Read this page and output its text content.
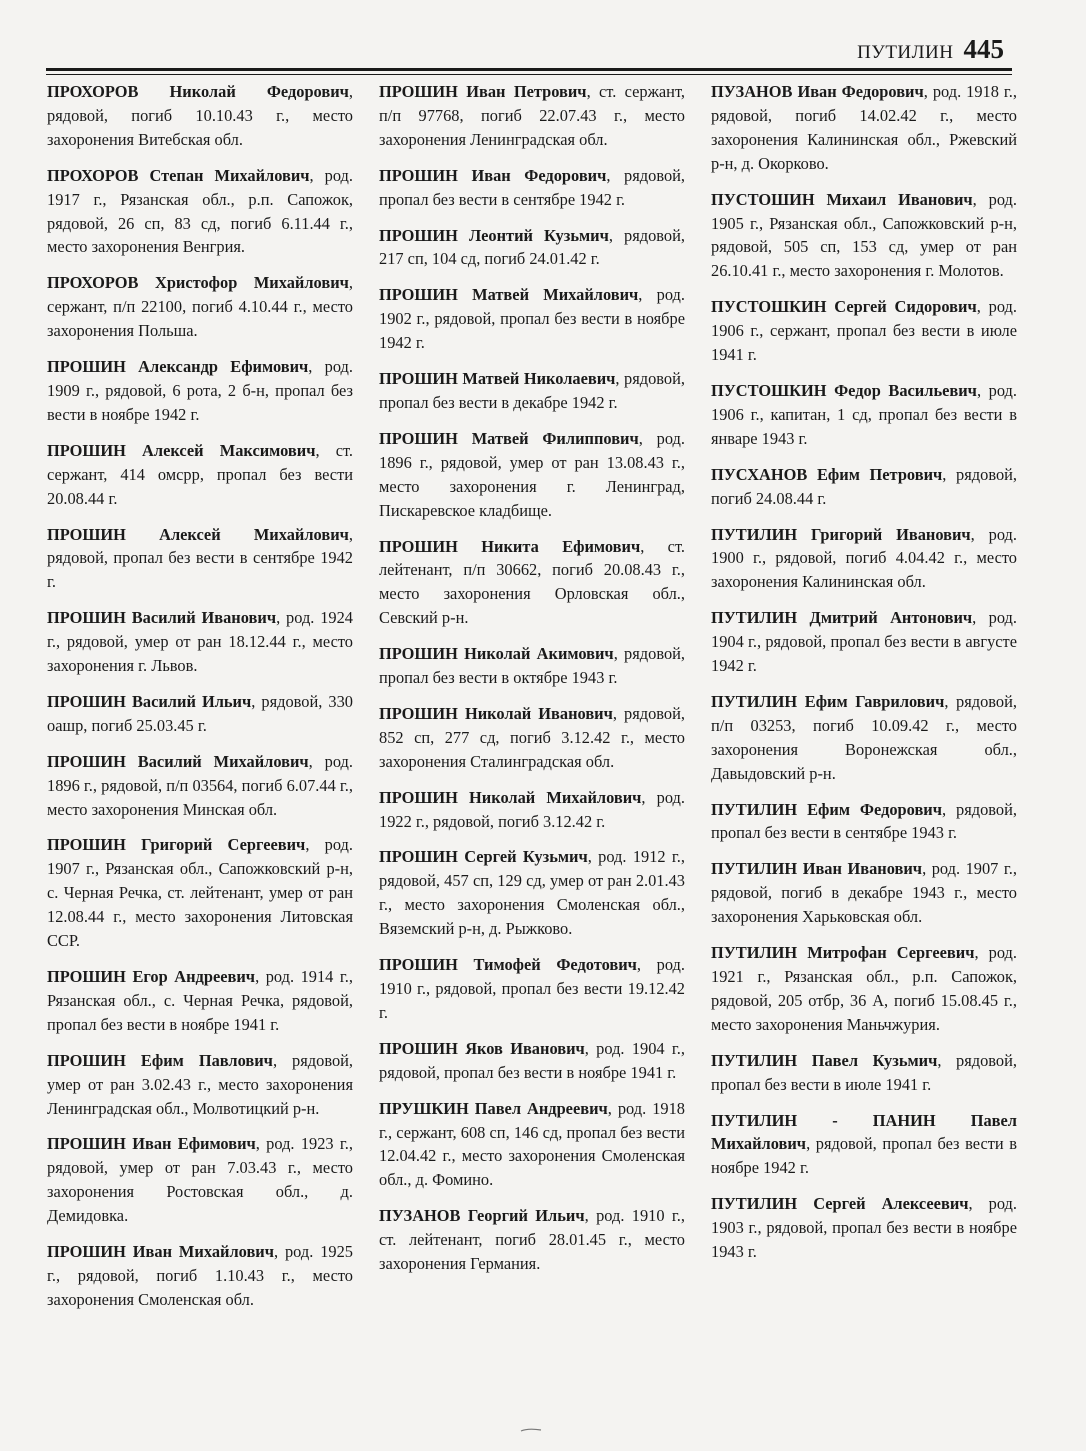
ПУТИЛИН 445

ПРОХОРОВ Николай Федорович, рядовой, погиб 10.10.43 г., место захоронения Витебская обл.

ПРОХОРОВ Степан Михайлович, род. 1917 г., Рязанская обл., р.п. Сапожок, рядовой, 26 сп, 83 сд, погиб 6.11.44 г., место захоронения Венгрия.

ПРОХОРОВ Христофор Михайлович, сержант, п/п 22100, погиб 4.10.44 г., место захоронения Польша.

ПРОШИН Александр Ефимович, род. 1909 г., рядовой, 6 рота, 2 б-н, пропал без вести в ноябре 1942 г.

ПРОШИН Алексей Максимович, ст. сержант, 414 омсрр, пропал без вести 20.08.44 г.

ПРОШИН Алексей Михайлович, рядовой, пропал без вести в сентябре 1942 г.

ПРОШИН Василий Иванович, род. 1924 г., рядовой, умер от ран 18.12.44 г., место захоронения г. Львов.

ПРОШИН Василий Ильич, рядовой, 330 оашр, погиб 25.03.45 г.

ПРОШИН Василий Михайлович, род. 1896 г., рядовой, п/п 03564, погиб 6.07.44 г., место захоронения Минская обл.

ПРОШИН Григорий Сергеевич, род. 1907 г., Рязанская обл., Сапожковский р-н, с. Черная Речка, ст. лейтенант, умер от ран 12.08.44 г., место захоронения Литовская ССР.

ПРОШИН Егор Андреевич, род. 1914 г., Рязанская обл., с. Черная Речка, рядовой, пропал без вести в ноябре 1941 г.

ПРОШИН Ефим Павлович, рядовой, умер от ран 3.02.43 г., место захоронения Ленинградская обл., Молвотицкий р-н.

ПРОШИН Иван Ефимович, род. 1923 г., рядовой, умер от ран 7.03.43 г., место захоронения Ростовская обл., д. Демидовка.

ПРОШИН Иван Михайлович, род. 1925 г., рядовой, погиб 1.10.43 г., место захоронения Смоленская обл.

ПРОШИН Иван Петрович, ст. сержант, п/п 97768, погиб 22.07.43 г., место захоронения Ленинградская обл.

ПРОШИН Иван Федорович, рядовой, пропал без вести в сентябре 1942 г.

ПРОШИН Леонтий Кузьмич, рядовой, 217 сп, 104 сд, погиб 24.01.42 г.

ПРОШИН Матвей Михайлович, род. 1902 г., рядовой, пропал без вести в ноябре 1942 г.

ПРОШИН Матвей Николаевич, рядовой, пропал без вести в декабре 1942 г.

ПРОШИН Матвей Филиппович, род. 1896 г., рядовой, умер от ран 13.08.43 г., место захоронения г. Ленинград, Пискаревское кладбище.

ПРОШИН Никита Ефимович, ст. лейтенант, п/п 30662, погиб 20.08.43 г., место захоронения Орловская обл., Севский р-н.

ПРОШИН Николай Акимович, рядовой, пропал без вести в октябре 1943 г.

ПРОШИН Николай Иванович, рядовой, 852 сп, 277 сд, погиб 3.12.42 г., место захоронения Сталинградская обл.

ПРОШИН Николай Михайлович, род. 1922 г., рядовой, погиб 3.12.42 г.

ПРОШИН Сергей Кузьмич, род. 1912 г., рядовой, 457 сп, 129 сд, умер от ран 2.01.43 г., место захоронения Смоленская обл., Вяземский р-н, д. Рыжково.

ПРОШИН Тимофей Федотович, род. 1910 г., рядовой, пропал без вести 19.12.42 г.

ПРОШИН Яков Иванович, род. 1904 г., рядовой, пропал без вести в ноябре 1941 г.

ПРУШКИН Павел Андреевич, род. 1918 г., сержант, 608 сп, 146 сд, пропал без вести 12.04.42 г., место захоронения Смоленская обл., д. Фомино.

ПУЗАНОВ Георгий Ильич, род. 1910 г., ст. лейтенант, погиб 28.01.45 г., место захоронения Германия.

ПУЗАНОВ Иван Федорович, род. 1918 г., рядовой, погиб 14.02.42 г., место захоронения Калининская обл., Ржевский р-н, д. Окорково.

ПУСТОШИН Михаил Иванович, род. 1905 г., Рязанская обл., Сапожковский р-н, рядовой, 505 сп, 153 сд, умер от ран 26.10.41 г., место захоронения г. Молотов.

ПУСТОШКИН Сергей Сидорович, род. 1906 г., сержант, пропал без вести в июле 1941 г.

ПУСТОШКИН Федор Васильевич, род. 1906 г., капитан, 1 сд, пропал без вести в январе 1943 г.

ПУСХАНОВ Ефим Петрович, рядовой, погиб 24.08.44 г.

ПУТИЛИН Григорий Иванович, род. 1900 г., рядовой, погиб 4.04.42 г., место захоронения Калининская обл.

ПУТИЛИН Дмитрий Антонович, род. 1904 г., рядовой, пропал без вести в августе 1942 г.

ПУТИЛИН Ефим Гаврилович, рядовой, п/п 03253, погиб 10.09.42 г., место захоронения Воронежская обл., Давыдовский р-н.

ПУТИЛИН Ефим Федорович, рядовой, пропал без вести в сентябре 1943 г.

ПУТИЛИН Иван Иванович, род. 1907 г., рядовой, погиб в декабре 1943 г., место захоронения Харьковская обл.

ПУТИЛИН Митрофан Сергеевич, род. 1921 г., Рязанская обл., р.п. Сапожок, рядовой, 205 отбр, 36 А, погиб 15.08.45 г., место захоронения Маньчжурия.

ПУТИЛИН Павел Кузьмич, рядовой, пропал без вести в июле 1941 г.

ПУТИЛИН - ПАНИН Павел Михайлович, рядовой, пропал без вести в ноябре 1942 г.

ПУТИЛИН Сергей Алексеевич, род. 1903 г., рядовой, пропал без вести в ноябре 1943 г.
